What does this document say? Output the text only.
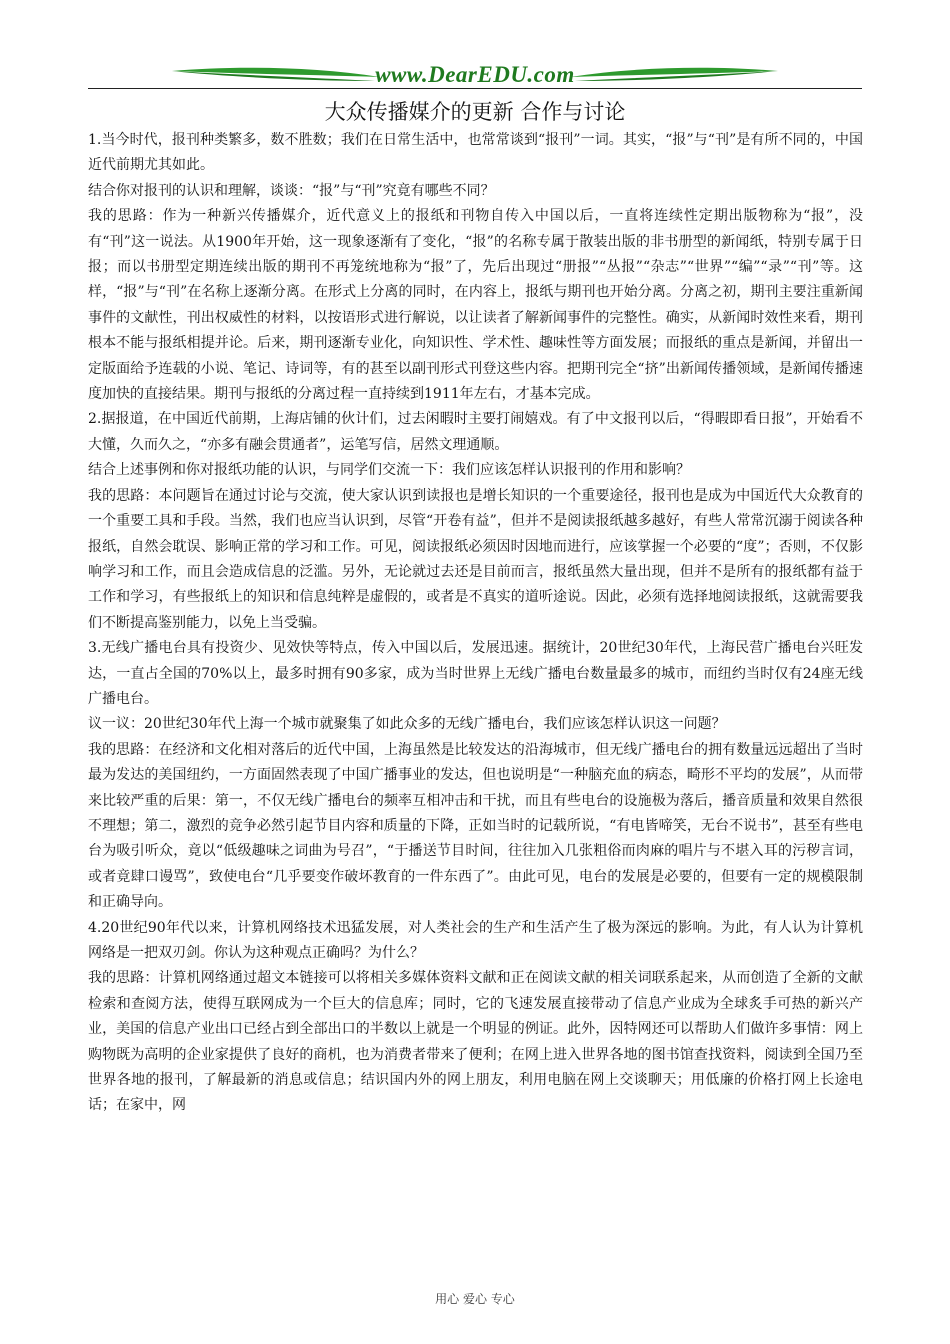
www.DearEDU.com
大众传播媒介的更新 合作与讨论

1.当今时代，报刊种类繁多，数不胜数；我们在日常生活中，也常常谈到“报刊”一词。其实，“报”与“刊”是有所不同的，中国近代前期尤其如此。

结合你对报刊的认识和理解，谈谈：“报”与“刊”究竟有哪些不同？

我的思路：作为一种新兴传播媒介，近代意义上的报纸和刊物自传入中国以后，一直将连续性定期出版物称为“报”，没有“刊”这一说法。从1900年开始，这一现象逐渐有了变化，“报”的名称专属于散装出版的非书册型的新闻纸，特别专属于日报；而以书册型定期连续出版的期刊不再笼统地称为“报”了，先后出现过“册报”“丛报”“杂志”“世界”“编”“录”“刊”等。这样，“报”与“刊”在名称上逐渐分离。在形式上分离的同时，在内容上，报纸与期刊也开始分离。分离之初，期刊主要注重新闻事件的文献性，刊出权威性的材料，以按语形式进行解说，以让读者了解新闻事件的完整性。确实，从新闻时效性来看，期刊根本不能与报纸相提并论。后来，期刊逐渐专业化，向知识性、学术性、趣味性等方面发展；而报纸的重点是新闻，并留出一定版面给予连载的小说、笔记、诗词等，有的甚至以副刊形式刊登这些内容。把期刊完全“挤”出新闻传播领域，是新闻传播速度加快的直接结果。期刊与报纸的分离过程一直持续到1911年左右，才基本完成。

2.据报道，在中国近代前期，上海店铺的伙计们，过去闲暇时主要打闹嬉戏。有了中文报刊以后，“得暇即看日报”，开始看不大懂，久而久之，“亦多有融会贯通者”，运笔写信，居然文理通顺。

结合上述事例和你对报纸功能的认识，与同学们交流一下：我们应该怎样认识报刊的作用和影响？

我的思路：本问题旨在通过讨论与交流，使大家认识到读报也是增长知识的一个重要途径，报刊也是成为中国近代大众教育的一个重要工具和手段。当然，我们也应当认识到，尽管“开卷有益”，但并不是阅读报纸越多越好，有些人常常沉溺于阅读各种报纸，自然会耽误、影响正常的学习和工作。可见，阅读报纸必须因时因地而进行，应该掌握一个必要的“度”；否则，不仅影响学习和工作，而且会造成信息的泛滥。另外，无论就过去还是目前而言，报纸虽然大量出现，但并不是所有的报纸都有益于工作和学习，有些报纸上的知识和信息纯粹是虚假的，或者是不真实的道听途说。因此，必须有选择地阅读报纸，这就需要我们不断提高鉴别能力，以免上当受骗。

3.无线广播电台具有投资少、见效快等特点，传入中国以后，发展迅速。据统计，20世纪30年代，上海民营广播电台兴旺发达，一直占全国的70%以上，最多时拥有90多家，成为当时世界上无线广播电台数量最多的城市，而纽约当时仅有24座无线广播电台。

议一议：20世纪30年代上海一个城市就聚集了如此众多的无线广播电台，我们应该怎样认识这一问题？

我的思路：在经济和文化相对落后的近代中国，上海虽然是比较发达的沿海城市，但无线广播电台的拥有数量远远超出了当时最为发达的美国纽约，一方面固然表现了中国广播事业的发达，但也说明是“一种脑充血的病态，畸形不平均的发展”，从而带来比较严重的后果：第一，不仅无线广播电台的频率互相冲击和干扰，而且有些电台的设施极为落后，播音质量和效果自然很不理想；第二，激烈的竞争必然引起节目内容和质量的下降，正如当时的记载所说，“有电皆啼笑，无台不说书”，甚至有些电台为吸引听众，竟以“低级趣味之词曲为号召”，“于播送节目时间，往往加入几张粗俗而肉麻的唱片与不堪入耳的污秽言词，或者竟肆口谩骂”，致使电台“几乎要变作破坏教育的一件东西了”。由此可见，电台的发展是必要的，但要有一定的规模限制和正确导向。

4.20世纪90年代以来，计算机网络技术迅猛发展，对人类社会的生产和生活产生了极为深远的影响。为此，有人认为计算机网络是一把双刃剑。你认为这种观点正确吗？为什么？

我的思路：计算机网络通过超文本链接可以将相关多媒体资料文献和正在阅读文献的相关词联系起来，从而创造了全新的文献检索和查阅方法，使得互联网成为一个巨大的信息库；同时，它的飞速发展直接带动了信息产业成为全球炙手可热的新兴产业，美国的信息产业出口已经占到全部出口的半数以上就是一个明显的例证。此外，因特网还可以帮助人们做许多事情：网上购物既为高明的企业家提供了良好的商机，也为消费者带来了便利；在网上进入世界各地的图书馆查找资料，阅读到全国乃至世界各地的报刊，了解最新的消息或信息；结识国内外的网上朋友，利用电脑在网上交谈聊天；用低廉的价格打网上长途电话；在家中，网

用心 爱心 专心
